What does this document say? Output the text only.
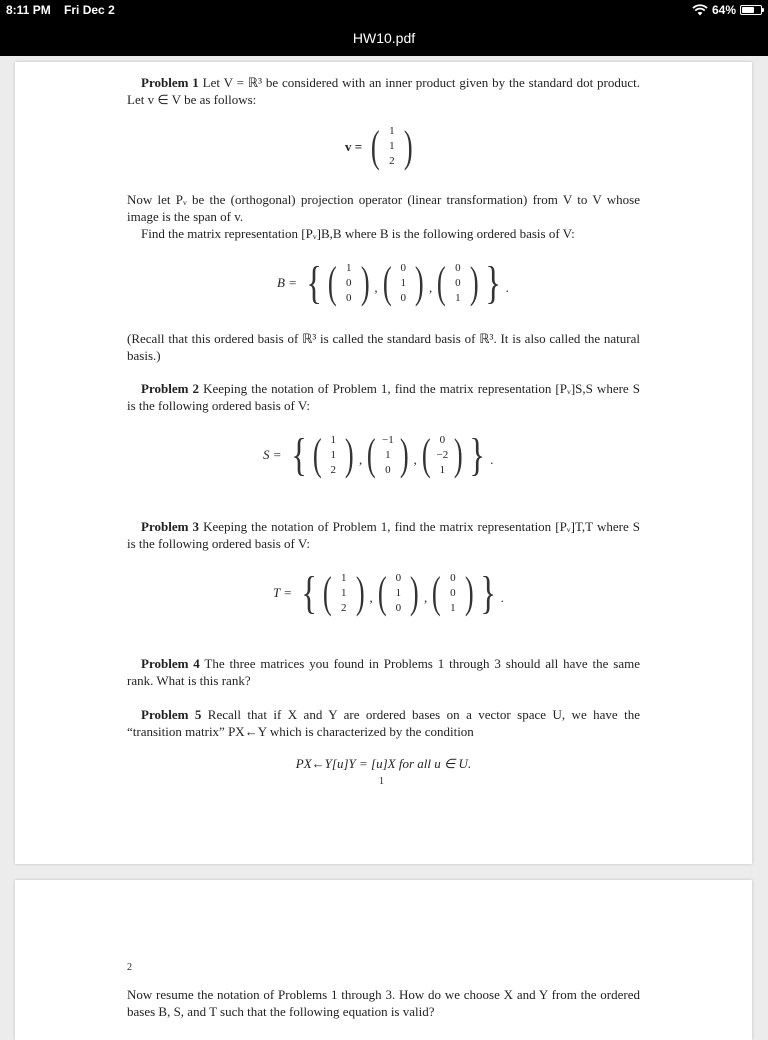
8:11 PM Fri Dec 2	64%
HW10.pdf
Problem 1 Let V = ℝ³ be considered with an inner product given by the standard dot product. Let v ∈ V be as follows:
v = ( 1
1
2 )
Now let Pᵥ be the (orthogonal) projection operator (linear transformation) from V to V whose image is the span of v.
Find the matrix representation [Pᵥ]B,B where B is the following ordered basis of V:
B = { ( 1
0
0 ) , ( 0
1
0 ) , ( 0
0
1 ) } .
(Recall that this ordered basis of ℝ³ is called the standard basis of ℝ³. It is also called the natural basis.)
Problem 2 Keeping the notation of Problem 1, find the matrix representation [Pᵥ]S,S where S is the following ordered basis of V:
S = { ( 1
1
2 ) , ( −1
1
0 ) , ( 0
−2
1 ) } .
Problem 3 Keeping the notation of Problem 1, find the matrix representation [Pᵥ]T,T where S is the following ordered basis of V:
T = { ( 1
1
2 ) , ( 0
1
0 ) , ( 0
0
1 ) } .
Problem 4 The three matrices you found in Problems 1 through 3 should all have the same rank. What is this rank?
Problem 5 Recall that if X and Y are ordered bases on a vector space U, we have the “transition matrix” PX←Y which is characterized by the condition
PX←Y[u]Y = [u]X for all u ∈ U.
1
2
Now resume the notation of Problems 1 through 3. How do we choose X and Y from the ordered bases B, S, and T such that the following equation is valid?
